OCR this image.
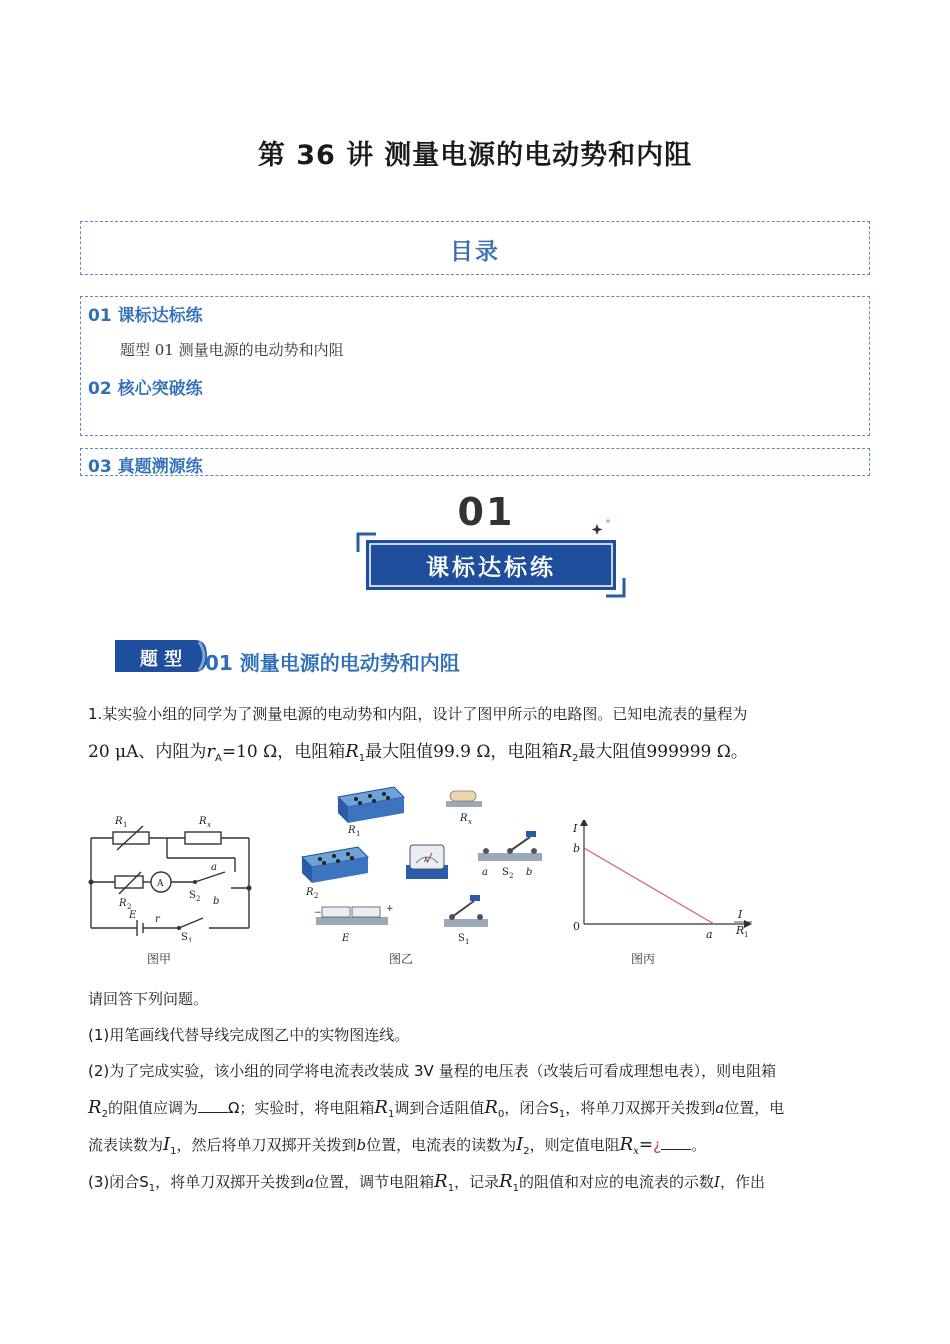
第 36 讲 测量电源的电动势和内阻
目录
01 课标达标练
题型 01 测量电源的电动势和内阻
02 核心突破练
03 真题溯源练
01
课标达标练
题 型	01 测量电源的电动势和内阻
1.某实验小组的同学为了测量电源的电动势和内阻，设计了图甲所示的电路图。已知电流表的量程为
20 μA、内阻为$r_A=10$ Ω，电阻箱$R_1$最大阻值99.9 Ω，电阻箱$R_2$最大阻值999999 Ω。
R 1	R x
a
b
R 2
A
S 2
E r
S 1
图甲
A
R 1
R x
R 2
a S 2 b
E	S 1
−	+
图乙
I
b
0
a
I
R 1
图丙
请回答下列问题。
(1)用笔画线代替导线完成图乙中的实物图连线。
(2)为了完成实验，该小组的同学将电流表改装成 3V 量程的电压表（改装后可看成理想电表），则电阻箱
$R_2$的阻值应调为 Ω；实验时，将电阻箱$R_1$调到合适阻值$R_0$，闭合$S_1$，将单刀双掷开关拨到a位置，电
流表读数为$I_1$，然后将单刀双掷开关拨到b位置，电流表的读数为$I_2$，则定值电阻$R_x=¿$ 。
(3)闭合$S_1$，将单刀双掷开关拨到a位置，调节电阻箱$R_1$，记录$R_1$的阻值和对应的电流表的示数I，作出
